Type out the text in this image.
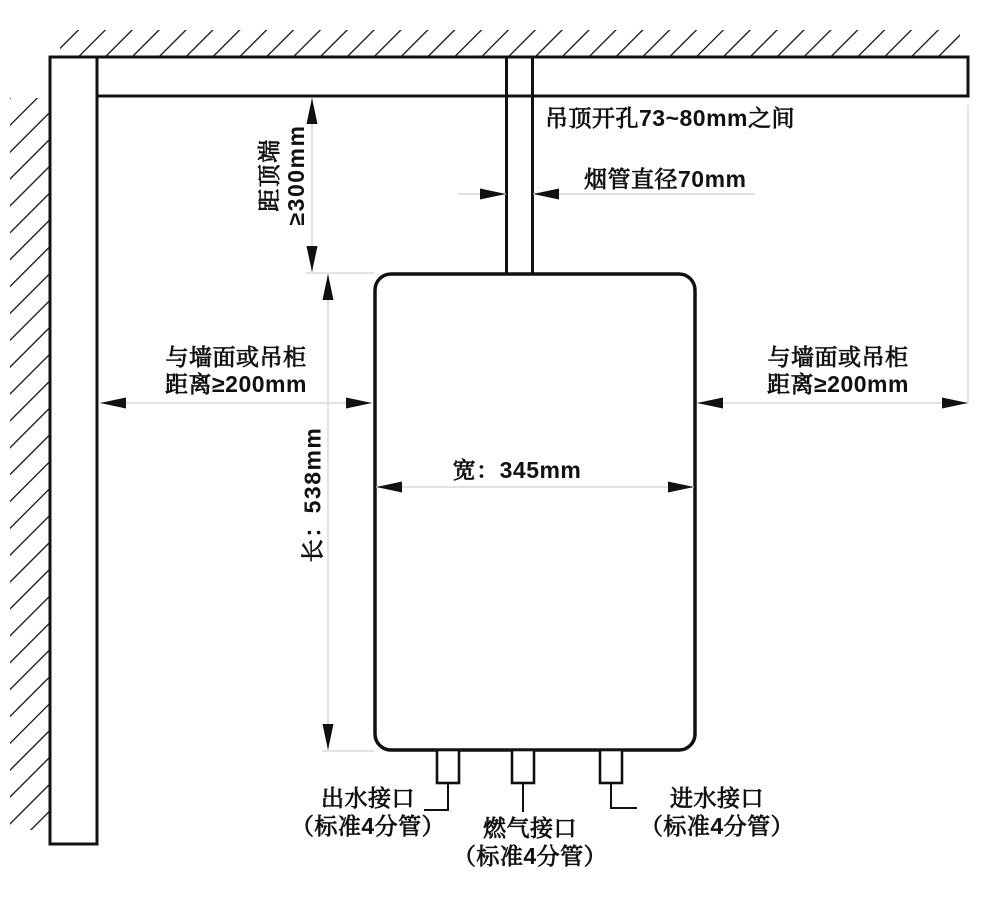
吊顶开孔73~80mm之间
烟管直径70mm
距顶端 ≥300mm
长：538mm
与墙面或吊柜
距离≥200mm
与墙面或吊柜
距离≥200mm
宽：345mm
出水接口
（标准4分管）	燃气接口
（标准4分管）
进水接口
（标准4分管）
